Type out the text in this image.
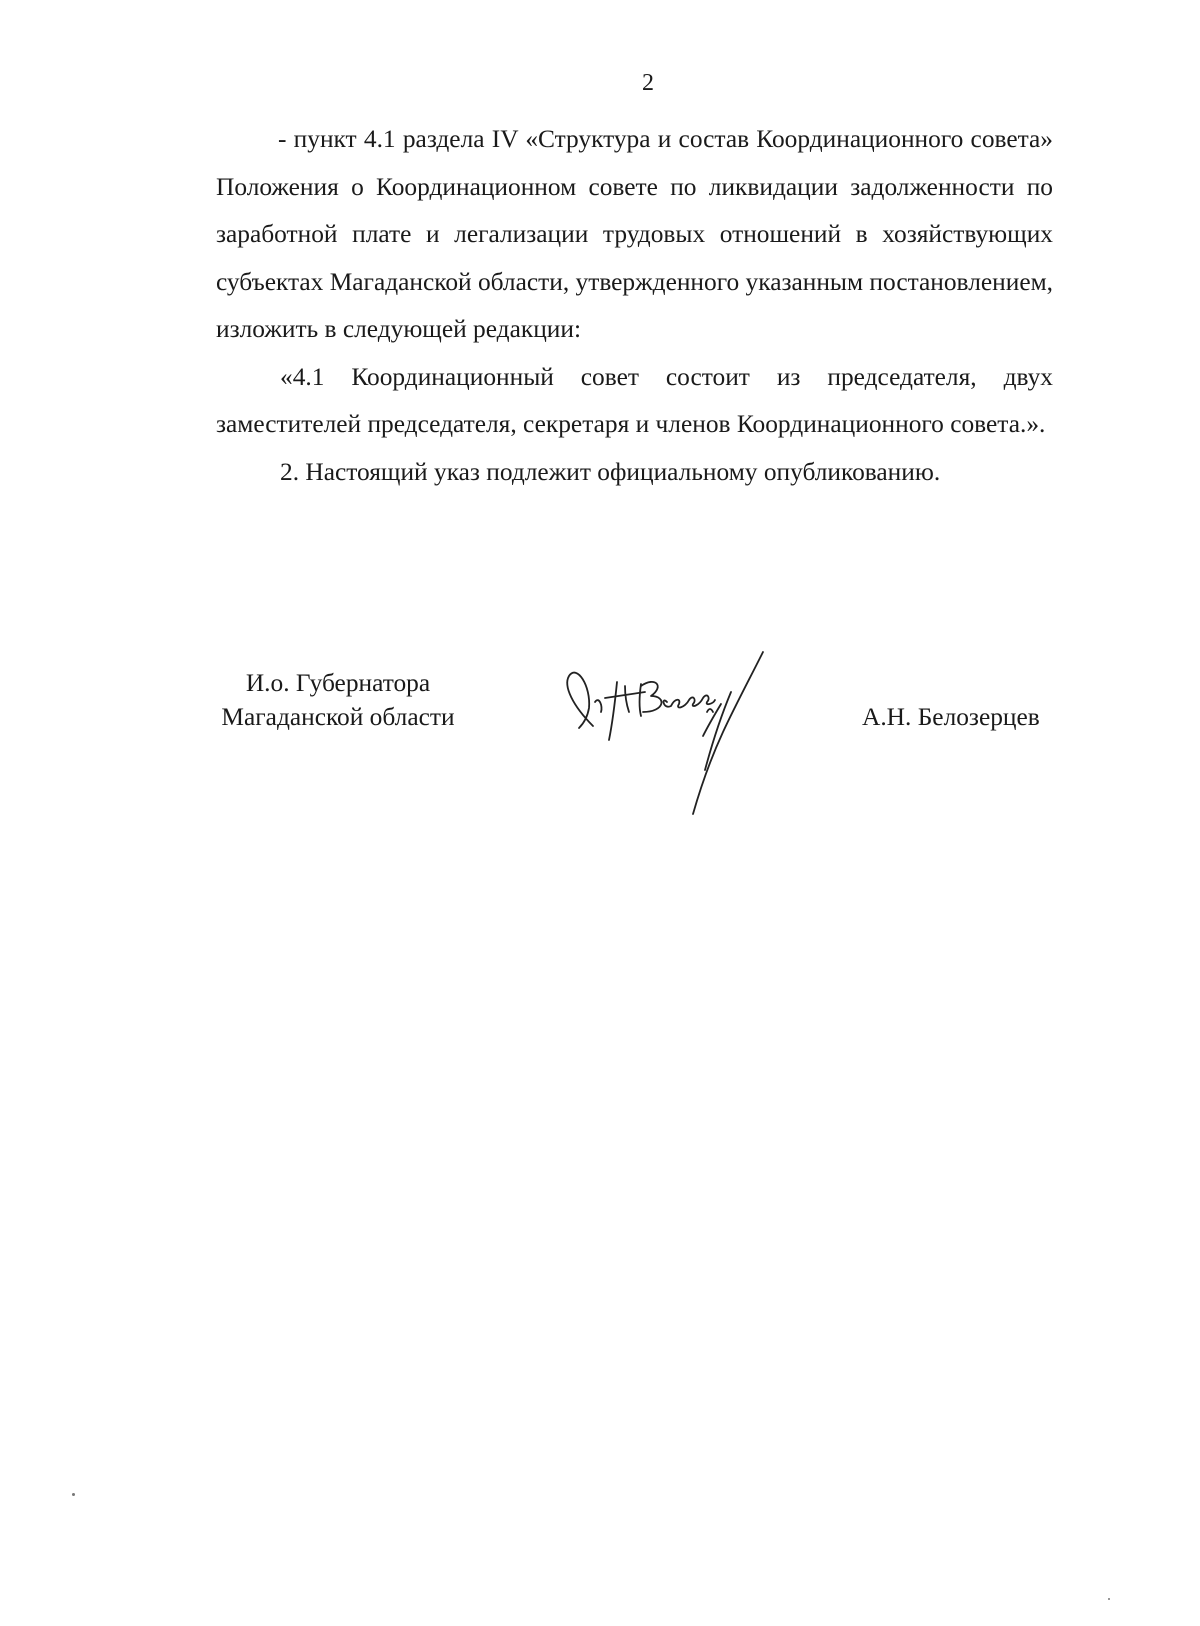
2

- пункт 4.1 раздела IV «Структура и состав Координационного совета» Положения о Координационном совете по ликвидации задолженности по заработной плате и легализации трудовых отношений в хозяйствующих субъектах Магаданской области, утвержденного указанным постановлением, изложить в следующей редакции:

«4.1 Координационный совет состоит из председателя, двух заместителей председателя, секретаря и членов Координационного совета.».

2. Настоящий указ подлежит официальному опубликованию.

И.о. Губернатора
Магаданской области	А.Н. Белозерцев
